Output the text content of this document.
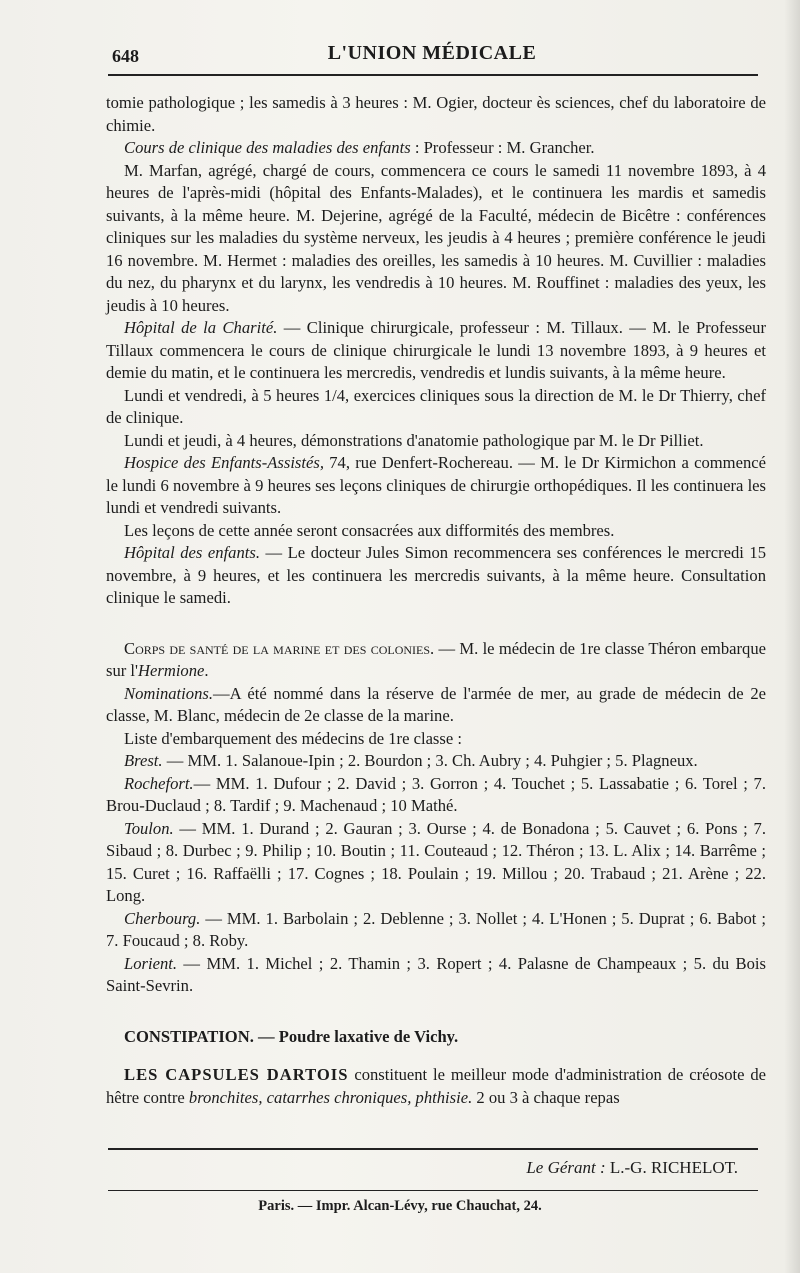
648	L'UNION MÉDICALE

tomie pathologique ; les samedis à 3 heures : M. Ogier, docteur ès sciences, chef du laboratoire de chimie.

Cours de clinique des maladies des enfants : Professeur : M. Grancher.

M. Marfan, agrégé, chargé de cours, commencera ce cours le samedi 11 novembre 1893, à 4 heures de l'après-midi (hôpital des Enfants-Malades), et le continuera les mardis et samedis suivants, à la même heure. M. Dejerine, agrégé de la Faculté, médecin de Bicêtre : conférences cliniques sur les maladies du système nerveux, les jeudis à 4 heures ; première conférence le jeudi 16 novembre. M. Hermet : maladies des oreilles, les samedis à 10 heures. M. Cuvillier : maladies du nez, du pharynx et du larynx, les vendredis à 10 heures. M. Rouffinet : maladies des yeux, les jeudis à 10 heures.

Hôpital de la Charité. — Clinique chirurgicale, professeur : M. Tillaux. — M. le Professeur Tillaux commencera le cours de clinique chirurgicale le lundi 13 novembre 1893, à 9 heures et demie du matin, et le continuera les mercredis, vendredis et lundis suivants, à la même heure.

Lundi et vendredi, à 5 heures 1/4, exercices cliniques sous la direction de M. le Dr Thierry, chef de clinique.

Lundi et jeudi, à 4 heures, démonstrations d'anatomie pathologique par M. le Dr Pilliet.

Hospice des Enfants-Assistés, 74, rue Denfert-Rochereau. — M. le Dr Kirmichon a commencé le lundi 6 novembre à 9 heures ses leçons cliniques de chirurgie orthopédiques. Il les continuera les lundi et vendredi suivants.

Les leçons de cette année seront consacrées aux difformités des membres.

Hôpital des enfants. — Le docteur Jules Simon recommencera ses conférences le mercredi 15 novembre, à 9 heures, et les continuera les mercredis suivants, à la même heure. Consultation clinique le samedi.

Corps de santé de la marine et des colonies. — M. le médecin de 1re classe Théron embarque sur l'Hermione.

Nominations.—A été nommé dans la réserve de l'armée de mer, au grade de médecin de 2e classe, M. Blanc, médecin de 2e classe de la marine.

Liste d'embarquement des médecins de 1re classe :

Brest. — MM. 1. Salanoue-Ipin ; 2. Bourdon ; 3. Ch. Aubry ; 4. Puhgier ; 5. Plagneux.

Rochefort.— MM. 1. Dufour ; 2. David ; 3. Gorron ; 4. Touchet ; 5. Lassabatie ; 6. Torel ; 7. Brou-Duclaud ; 8. Tardif ; 9. Machenaud ; 10 Mathé.

Toulon. — MM. 1. Durand ; 2. Gauran ; 3. Ourse ; 4. de Bonadona ; 5. Cauvet ; 6. Pons ; 7. Sibaud ; 8. Durbec ; 9. Philip ; 10. Boutin ; 11. Couteaud ; 12. Théron ; 13. L. Alix ; 14. Barrême ; 15. Curet ; 16. Raffaëlli ; 17. Cognes ; 18. Poulain ; 19. Millou ; 20. Trabaud ; 21. Arène ; 22. Long.

Cherbourg. — MM. 1. Barbolain ; 2. Deblenne ; 3. Nollet ; 4. L'Honen ; 5. Duprat ; 6. Babot ; 7. Foucaud ; 8. Roby.

Lorient. — MM. 1. Michel ; 2. Thamin ; 3. Ropert ; 4. Palasne de Champeaux ; 5. du Bois Saint-Sevrin.

CONSTIPATION. — Poudre laxative de Vichy.

LES CAPSULES DARTOIS constituent le meilleur mode d'administration de créosote de hêtre contre bronchites, catarrhes chroniques, phthisie. 2 ou 3 à chaque repas

Le Gérant : L.-G. RICHELOT.
Paris. — Impr. Alcan-Lévy, rue Chauchat, 24.
